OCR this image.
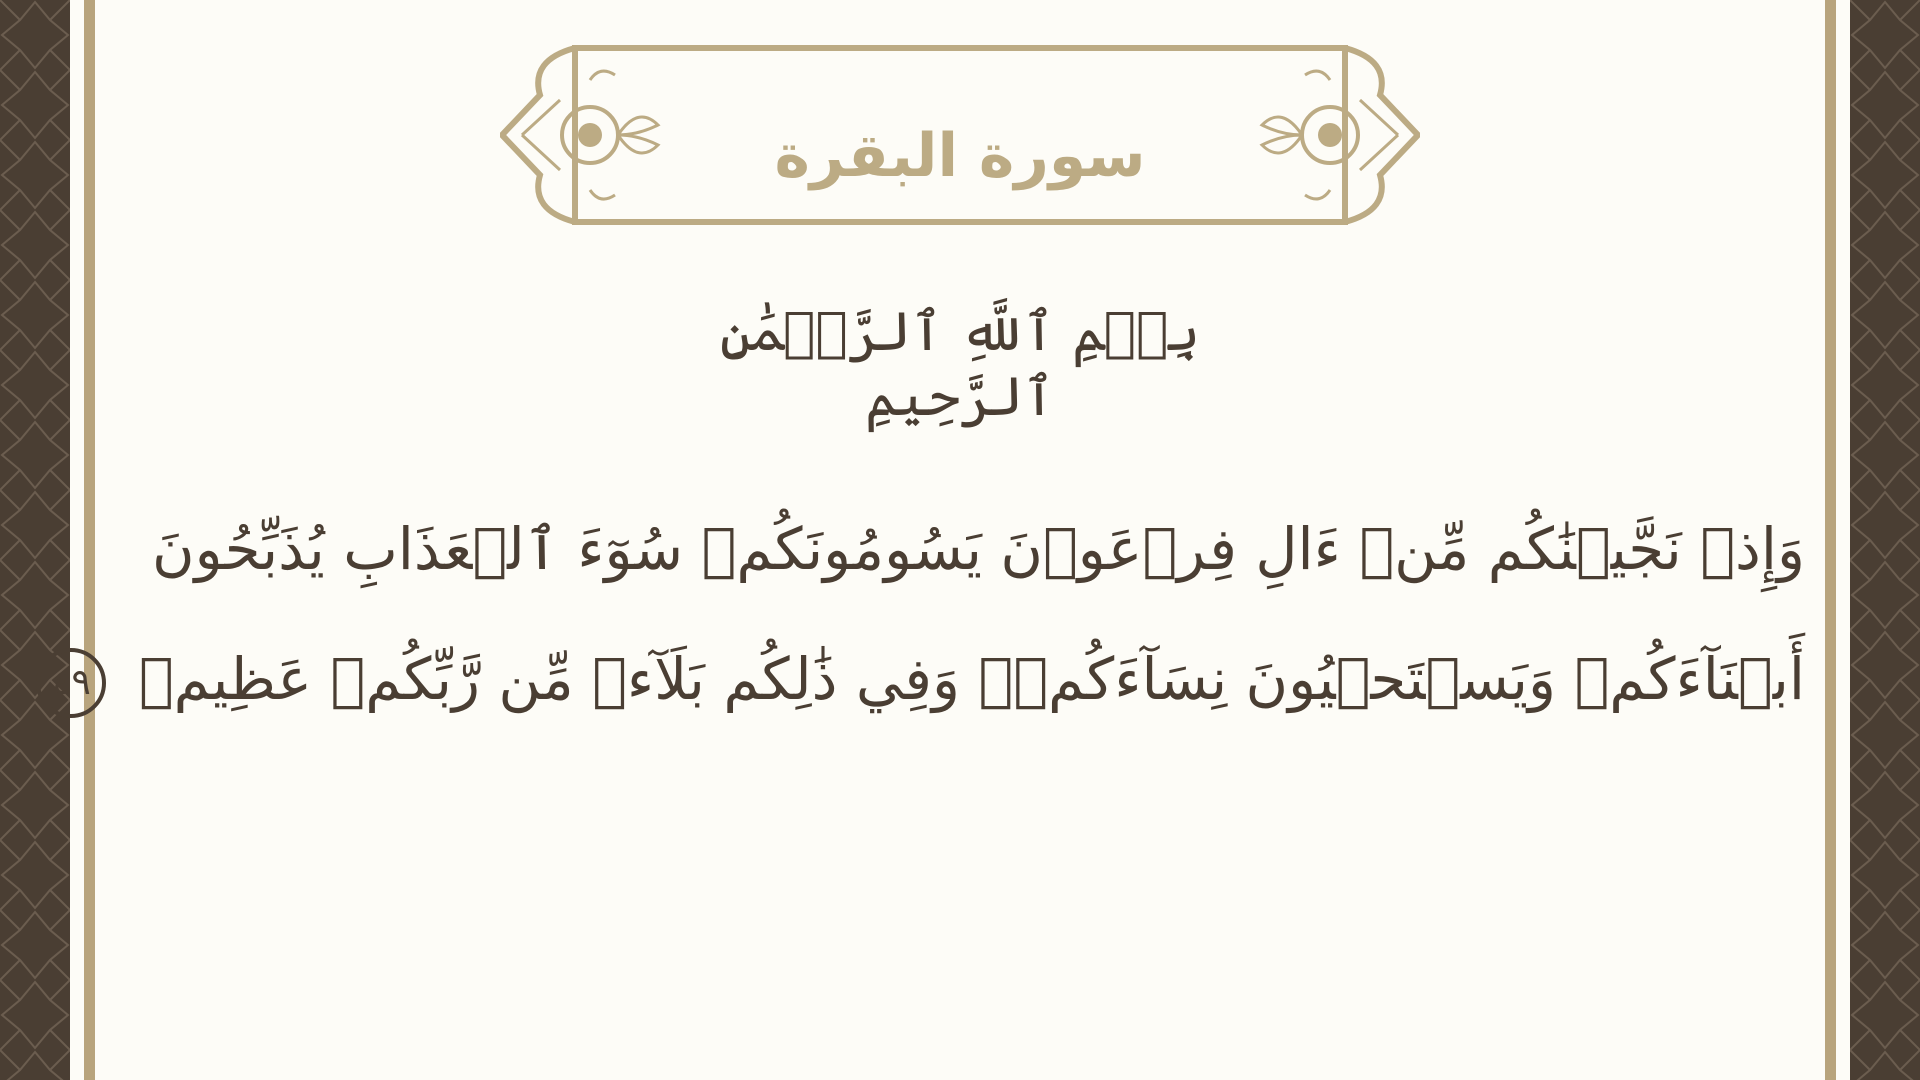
سورة البقرة
بِسۡمِ ٱللَّهِ ٱلرَّحۡمَٰنِ ٱلرَّحِيمِ
وَإِذۡ نَجَّيۡنَٰكُم مِّنۡ ءَالِ فِرۡعَوۡنَ يَسُومُونَكُمۡ سُوٓءَ ٱلۡعَذَابِ يُذَبِّحُونَ
أَبۡنَآءَكُمۡ وَيَسۡتَحۡيُونَ نِسَآءَكُمۡۚ وَفِي ذَٰلِكُم بَلَآءٞ مِّن رَّبِّكُمۡ عَظِيمٞ ٤٩
